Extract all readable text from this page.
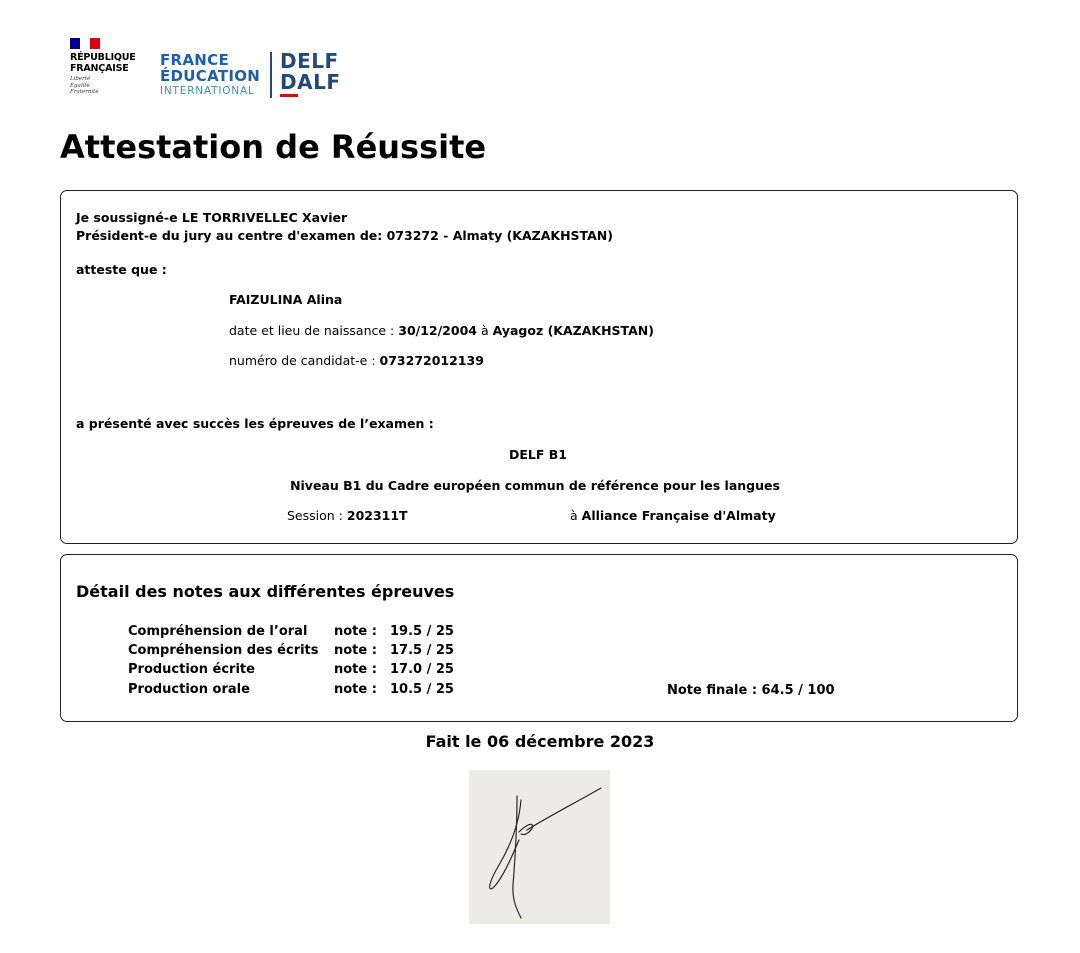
RÉPUBLIQUE
FRANÇAISE
Liberté
Égalité
Fraternité
FRANCE
ÉDUCATION
INTERNATIONAL
DELF
DALF
Attestation de Réussite
Je soussigné-e LE TORRIVELLEC Xavier
Président-e du jury au centre d'examen de: 073272 - Almaty (KAZAKHSTAN)
atteste que :
FAIZULINA Alina
date et lieu de naissance : 30/12/2004 à Ayagoz (KAZAKHSTAN)
numéro de candidat-e : 073272012139
a présenté avec succès les épreuves de l’examen :
DELF B1
Niveau B1 du Cadre européen commun de référence pour les langues
Session : 202311T	à Alliance Française d'Almaty
Détail des notes aux différentes épreuves
Compréhension de l’oral note : 19.5 / 25
Compréhension des écrits note : 17.5 / 25
Production écrite	note : 17.0 / 25
Production orale	note : 10.5 / 25	Note finale : 64.5 / 100
Fait le 06 décembre 2023
